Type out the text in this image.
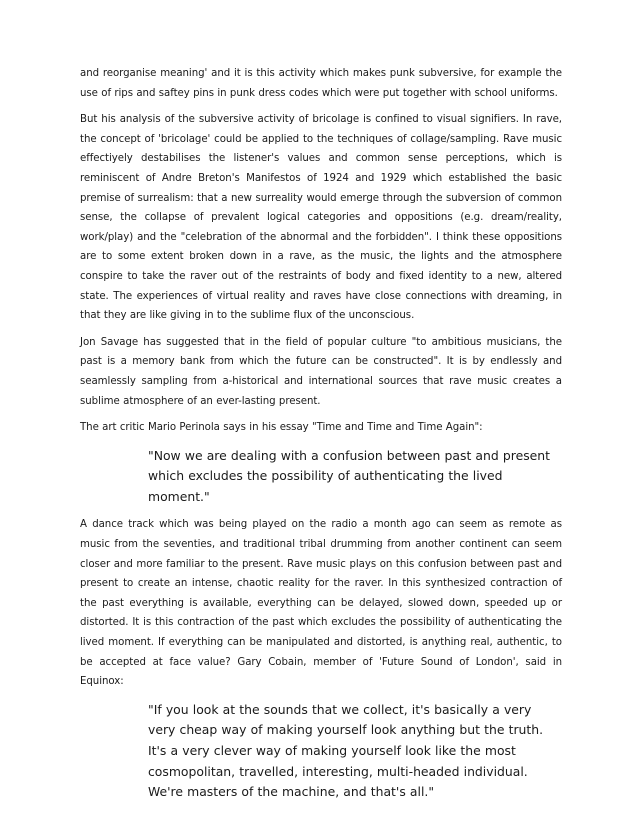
and reorganise meaning' and it is this activity which makes punk subversive, for example the use of rips and saftey pins in punk dress codes which were put together with school uniforms.

But his analysis of the subversive activity of bricolage is confined to visual signifiers. In rave, the concept of 'bricolage' could be applied to the techniques of collage/sampling. Rave music effectiyely destabilises the listener's values and common sense perceptions, which is reminiscent of Andre Breton's Manifestos of 1924 and 1929 which established the basic premise of surrealism: that a new surreality would emerge through the subversion of common sense, the collapse of prevalent logical categories and oppositions (e.g. dream/reality, work/play) and the "celebration of the abnormal and the forbidden". I think these oppositions are to some extent broken down in a rave, as the music, the lights and the atmosphere conspire to take the raver out of the restraints of body and fixed identity to a new, altered state. The experiences of virtual reality and raves have close connections with dreaming, in that they are like giving in to the sublime flux of the unconscious.

Jon Savage has suggested that in the field of popular culture "to ambitious musicians, the past is a memory bank from which the future can be constructed". It is by endlessly and seamlessly sampling from a-historical and international sources that rave music creates a sublime atmosphere of an ever-lasting present.

The art critic Mario Perinola says in his essay "Time and Time and Time Again":

"Now we are dealing with a confusion between past and present which excludes the possibility of authenticating the lived moment."

A dance track which was being played on the radio a month ago can seem as remote as music from the seventies, and traditional tribal drumming from another continent can seem closer and more familiar to the present. Rave music plays on this confusion between past and present to create an intense, chaotic reality for the raver. In this synthesized contraction of the past everything is available, everything can be delayed, slowed down, speeded up or distorted. It is this contraction of the past which excludes the possibility of authenticating the lived moment. If everything can be manipulated and distorted, is anything real, authentic, to be accepted at face value? Gary Cobain, member of 'Future Sound of London', said in Equinox:

"If you look at the sounds that we collect, it's basically a very very cheap way of making yourself look anything but the truth. It's a very clever way of making yourself look like the most cosmopolitan, travelled, interesting, multi-headed individual. We're masters of the machine, and that's all."
